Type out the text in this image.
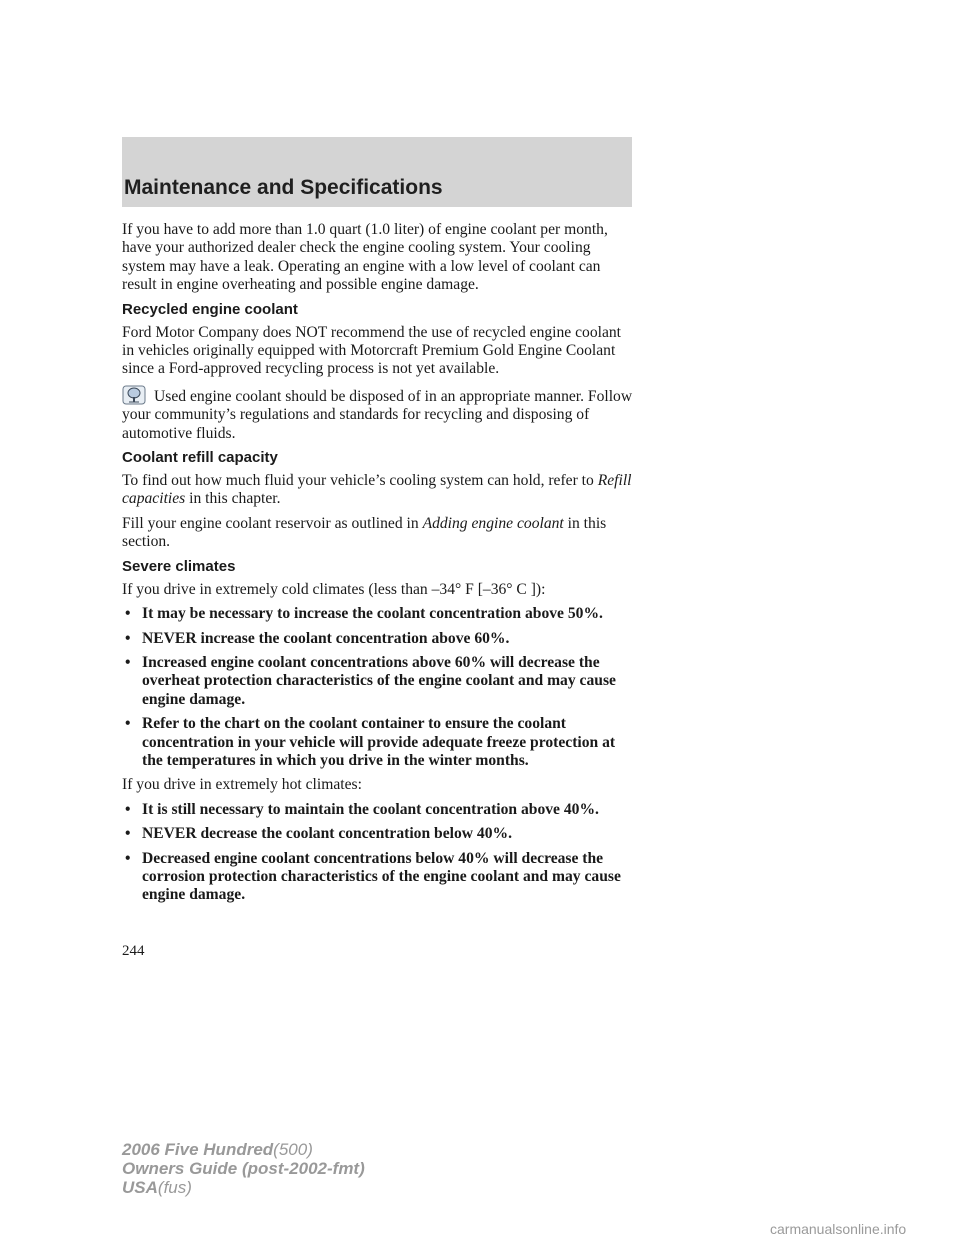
Maintenance and Specifications

If you have to add more than 1.0 quart (1.0 liter) of engine coolant per month, have your authorized dealer check the engine cooling system. Your cooling system may have a leak. Operating an engine with a low level of coolant can result in engine overheating and possible engine damage.

Recycled engine coolant

Ford Motor Company does NOT recommend the use of recycled engine coolant in vehicles originally equipped with Motorcraft Premium Gold Engine Coolant since a Ford-approved recycling process is not yet available.

Used engine coolant should be disposed of in an appropriate manner. Follow your community’s regulations and standards for recycling and disposing of automotive fluids.

Coolant refill capacity

To find out how much fluid your vehicle’s cooling system can hold, refer to Refill capacities in this chapter.

Fill your engine coolant reservoir as outlined in Adding engine coolant in this section.

Severe climates

If you drive in extremely cold climates (less than –34° F [–36° C ]):

• It may be necessary to increase the coolant concentration above 50%.
• NEVER increase the coolant concentration above 60%.
• Increased engine coolant concentrations above 60% will decrease the overheat protection characteristics of the engine coolant and may cause engine damage.
• Refer to the chart on the coolant container to ensure the coolant concentration in your vehicle will provide adequate freeze protection at the temperatures in which you drive in the winter months.

If you drive in extremely hot climates:

• It is still necessary to maintain the coolant concentration above 40%.
• NEVER decrease the coolant concentration below 40%.
• Decreased engine coolant concentrations below 40% will decrease the corrosion protection characteristics of the engine coolant and may cause engine damage.
244
2006 Five Hundred(500)
Owners Guide (post-2002-fmt)
USA(fus)
carmanualsonline.info
